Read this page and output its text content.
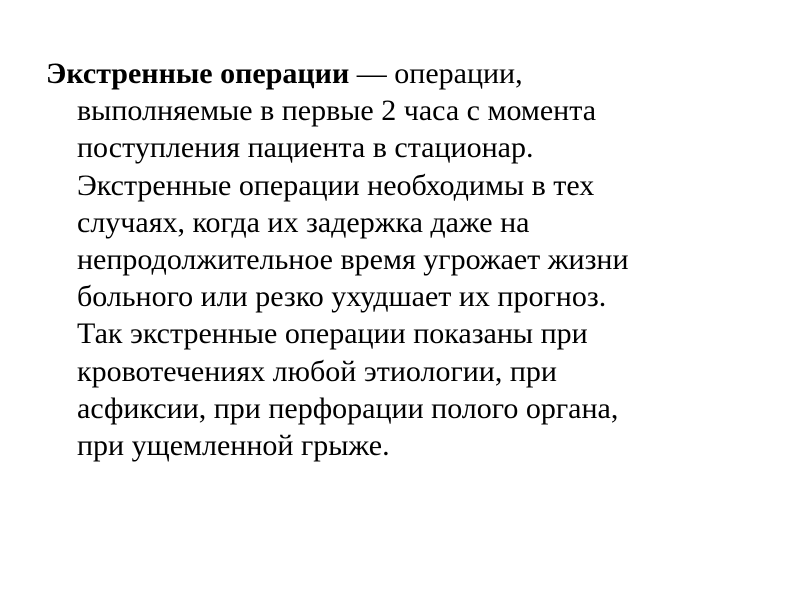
Экстренные операции — операции,
выполняемые в первые 2 часа с момента
поступления пациента в стационар.
Экстренные операции необходимы в тех
случаях, когда их задержка даже на
непродолжительное время угрожает жизни
больного или резко ухудшает их прогноз.
Так экстренные операции показаны при
кровотечениях любой этиологии, при
асфиксии, при перфорации полого органа,
при ущемленной грыже.
